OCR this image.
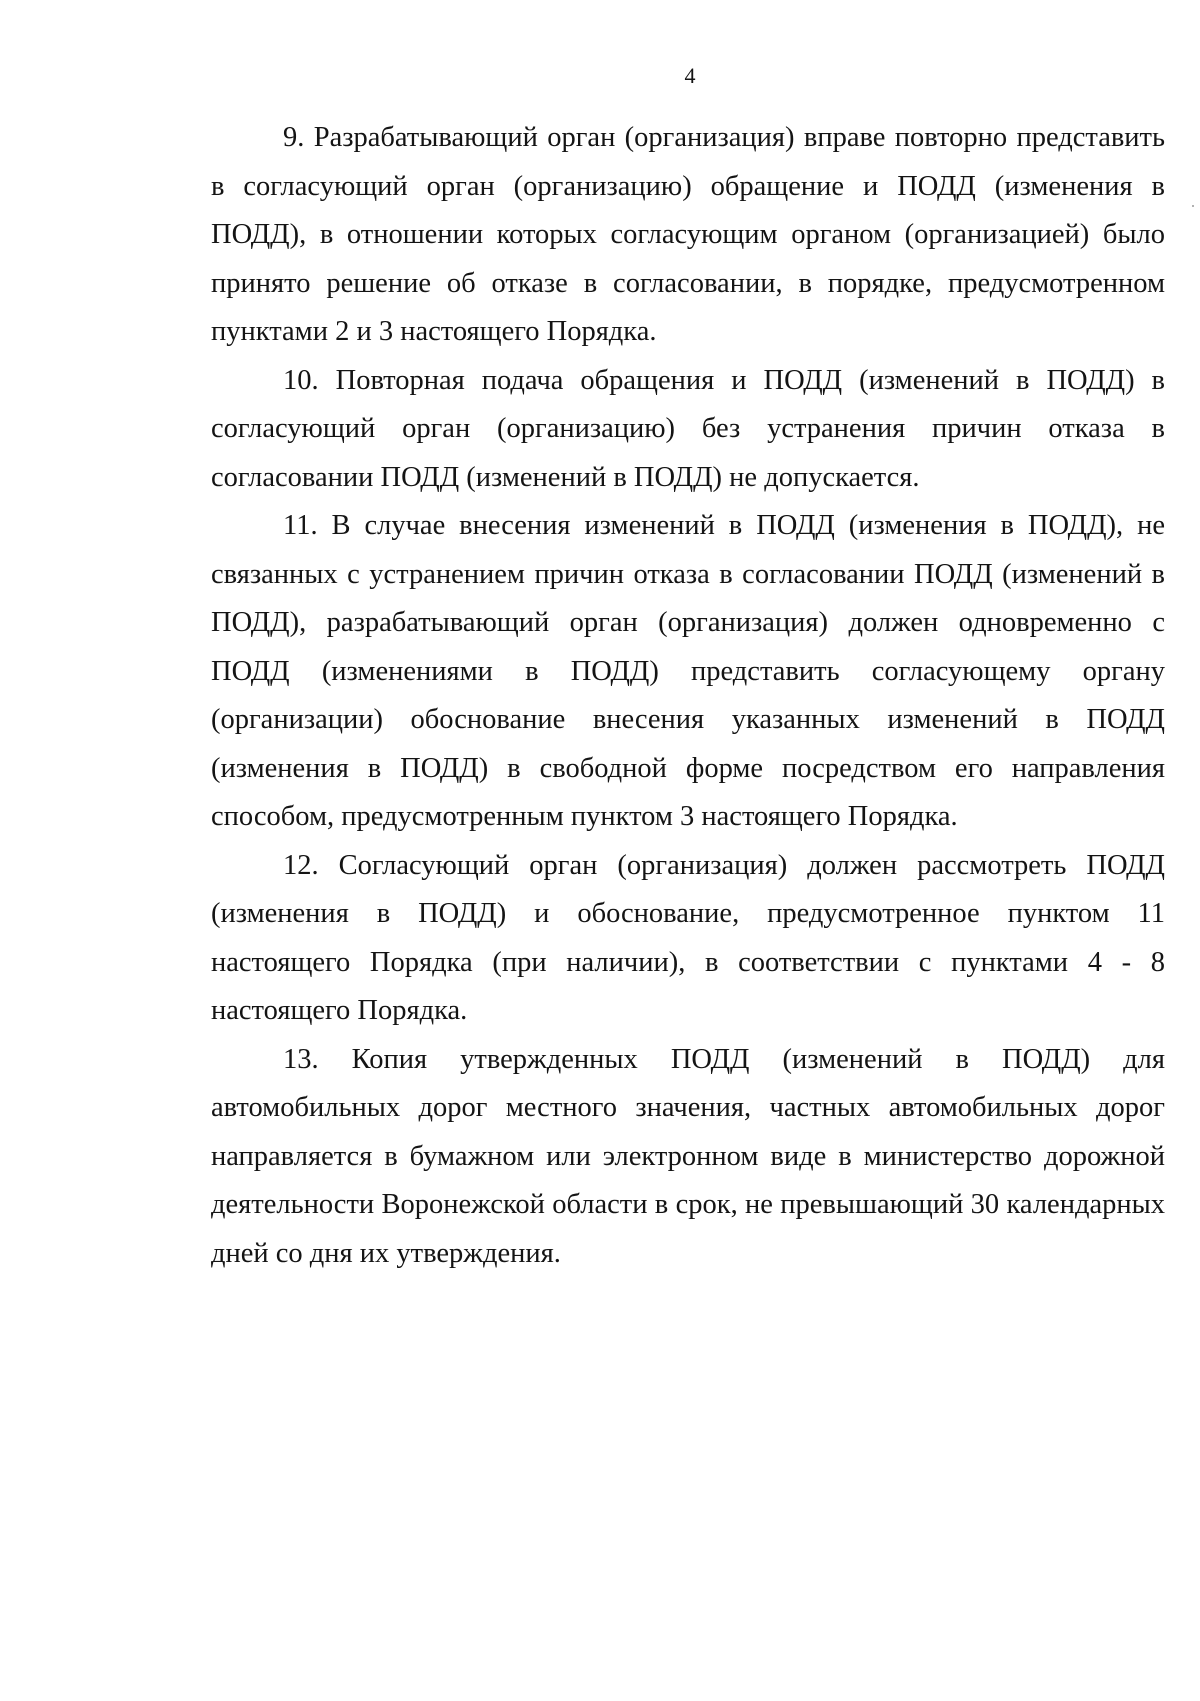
4

9. Разрабатывающий орган (организация) вправе повторно представить в согласующий орган (организацию) обращение и ПОДД (изменения в ПОДД), в отношении которых согласующим органом (организацией) было принято решение об отказе в согласовании, в порядке, предусмотренном пунктами 2 и 3 настоящего Порядка.

10. Повторная подача обращения и ПОДД (изменений в ПОДД) в согласующий орган (организацию) без устранения причин отказа в согласовании ПОДД (изменений в ПОДД) не допускается.

11. В случае внесения изменений в ПОДД (изменения в ПОДД), не связанных с устранением причин отказа в согласовании ПОДД (изменений в ПОДД), разрабатывающий орган (организация) должен одновременно с ПОДД (изменениями в ПОДД) представить согласующему органу (организации) обоснование внесения указанных изменений в ПОДД (изменения в ПОДД) в свободной форме посредством его направления способом, предусмотренным пунктом 3 настоящего Порядка.

12. Согласующий орган (организация) должен рассмотреть ПОДД (изменения в ПОДД) и обоснование, предусмотренное пунктом 11 настоящего Порядка (при наличии), в соответствии с пунктами 4 - 8 настоящего Порядка.

13. Копия утвержденных ПОДД (изменений в ПОДД) для автомобильных дорог местного значения, частных автомобильных дорог направляется в бумажном или электронном виде в министерство дорожной деятельности Воронежской области в срок, не превышающий 30 календарных дней со дня их утверждения.
